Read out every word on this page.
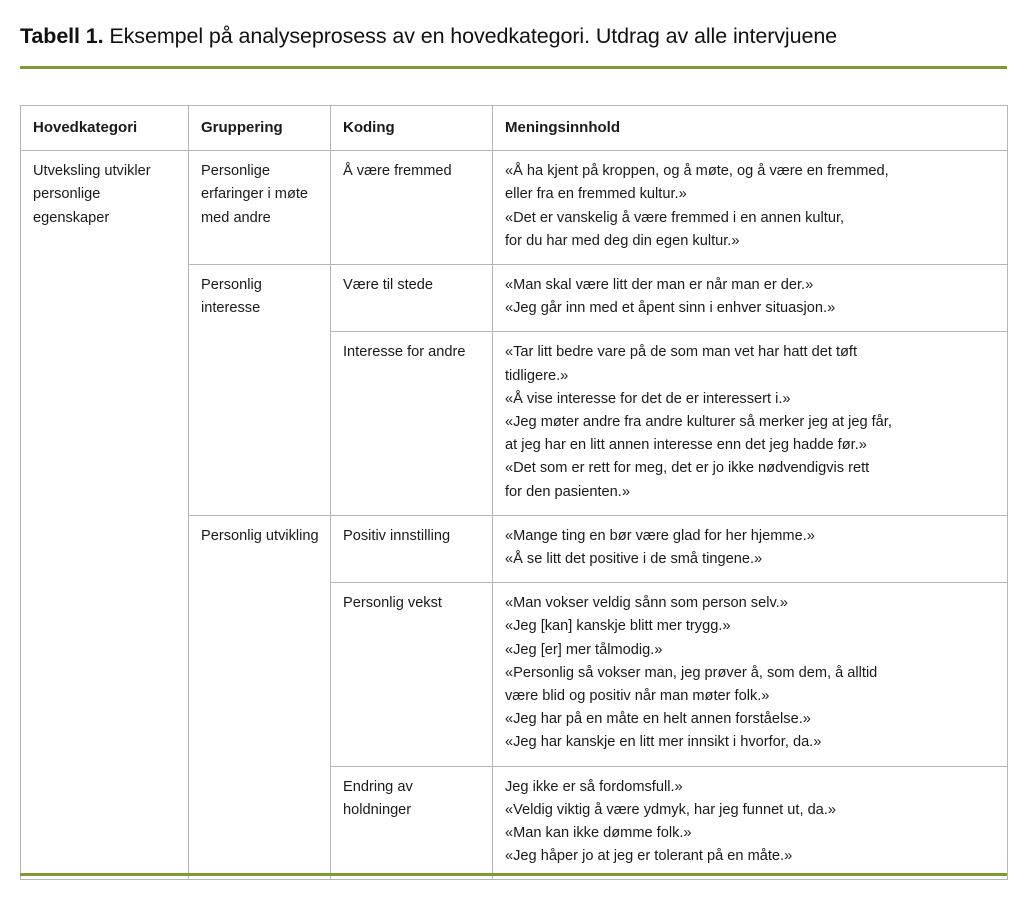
Tabell 1. Eksempel på analyseprosess av en hovedkategori. Utdrag av alle intervjuene
Hovedkategori	Gruppering	Koding	Meningsinnhold
Utveksling utvikler personlige egenskaper	Personlige erfaringer i møte med andre	Å være fremmed	«Å ha kjent på kroppen, og å møte, og å være en fremmed,

eller fra en fremmed kultur.»

«Det er vanskelig å være fremmed i en annen kultur,

for du har med deg din egen kultur.»

	Personlig interesse	Være til stede	«Man skal være litt der man er når man er der.»

«Jeg går inn med et åpent sinn i enhver situasjon.»

Interesse for andre	«Tar litt bedre vare på de som man vet har hatt det tøft

tidligere.»

«Å vise interesse for det de er interessert i.»

«Jeg møter andre fra andre kulturer så merker jeg at jeg får,

at jeg har en litt annen interesse enn det jeg hadde før.»

«Det som er rett for meg, det er jo ikke nødvendigvis rett

for den pasienten.»

	Personlig utvikling	Positiv innstilling	«Mange ting en bør være glad for her hjemme.»

«Å se litt det positive i de små tingene.»

Personlig vekst	«Man vokser veldig sånn som person selv.»

«Jeg [kan] kanskje blitt mer trygg.»

«Jeg [er] mer tålmodig.»

«Personlig så vokser man, jeg prøver å, som dem, å alltid

være blid og positiv når man møter folk.»

«Jeg har på en måte en helt annen forståelse.»

«Jeg har kanskje en litt mer innsikt i hvorfor, da.»

		Endring av holdninger	Jeg ikke er så fordomsfull.»

«Veldig viktig å være ydmyk, har jeg funnet ut, da.»

«Man kan ikke dømme folk.»

«Jeg håper jo at jeg er tolerant på en måte.»
